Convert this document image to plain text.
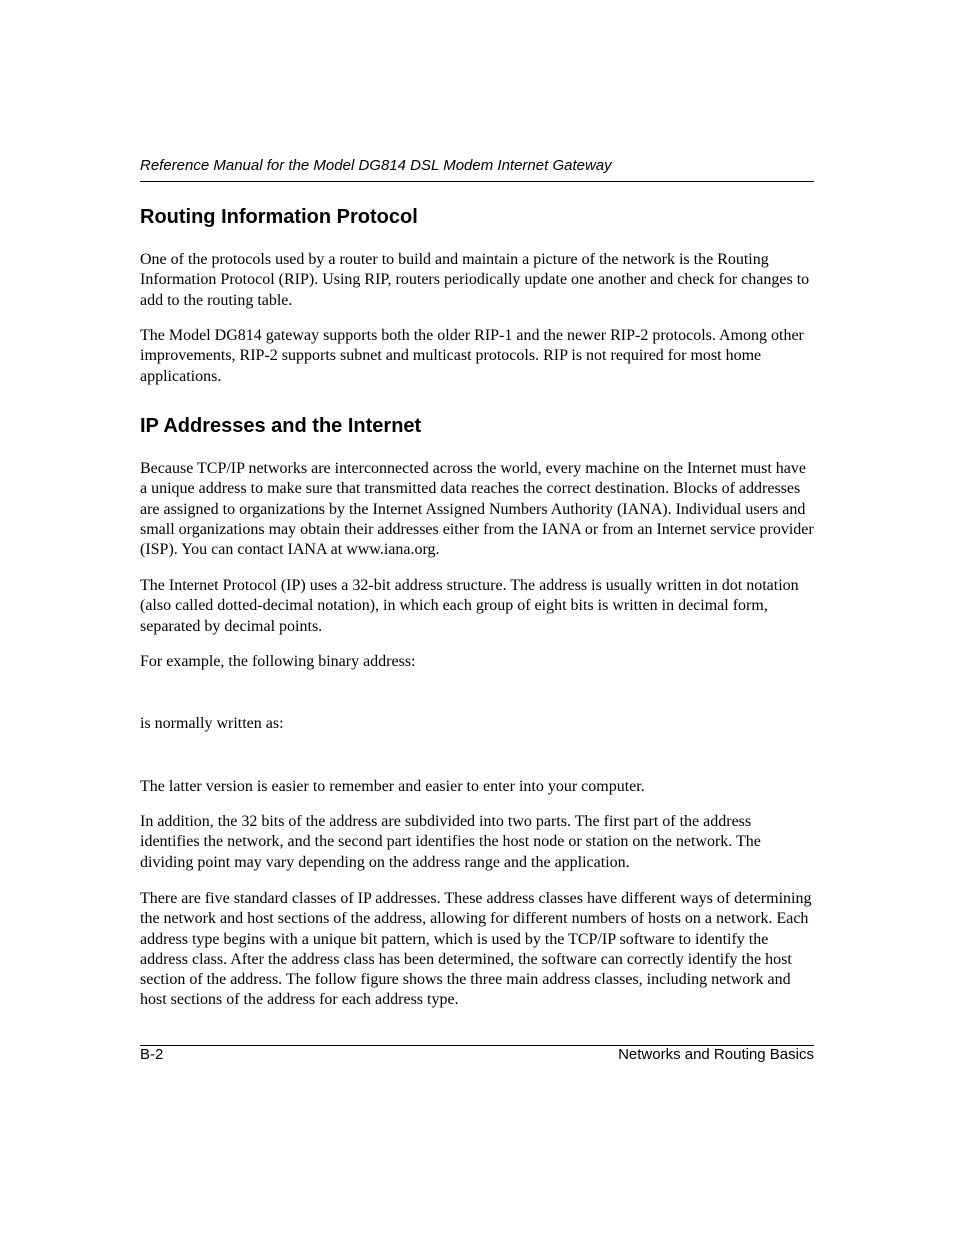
Reference Manual for the Model DG814 DSL Modem Internet Gateway
Routing Information Protocol

One of the protocols used by a router to build and maintain a picture of the network is the Routing Information Protocol (RIP). Using RIP, routers periodically update one another and check for changes to add to the routing table.

The Model DG814 gateway supports both the older RIP-1 and the newer RIP-2 protocols. Among other improvements, RIP-2 supports subnet and multicast protocols. RIP is not required for most home applications.

IP Addresses and the Internet

Because TCP/IP networks are interconnected across the world, every machine on the Internet must have a unique address to make sure that transmitted data reaches the correct destination. Blocks of addresses are assigned to organizations by the Internet Assigned Numbers Authority (IANA). Individual users and small organizations may obtain their addresses either from the IANA or from an Internet service provider (ISP). You can contact IANA at www.iana.org.

The Internet Protocol (IP) uses a 32-bit address structure. The address is usually written in dot notation (also called dotted-decimal notation), in which each group of eight bits is written in decimal form, separated by decimal points.

For example, the following binary address:

is normally written as:

The latter version is easier to remember and easier to enter into your computer.

In addition, the 32 bits of the address are subdivided into two parts. The first part of the address identifies the network, and the second part identifies the host node or station on the network. The dividing point may vary depending on the address range and the application.

There are five standard classes of IP addresses. These address classes have different ways of determining the network and host sections of the address, allowing for different numbers of hosts on a network. Each address type begins with a unique bit pattern, which is used by the TCP/IP software to identify the address class. After the address class has been determined, the software can correctly identify the host section of the address. The follow figure shows the three main address classes, including network and host sections of the address for each address type.

B-2	Networks and Routing Basics
